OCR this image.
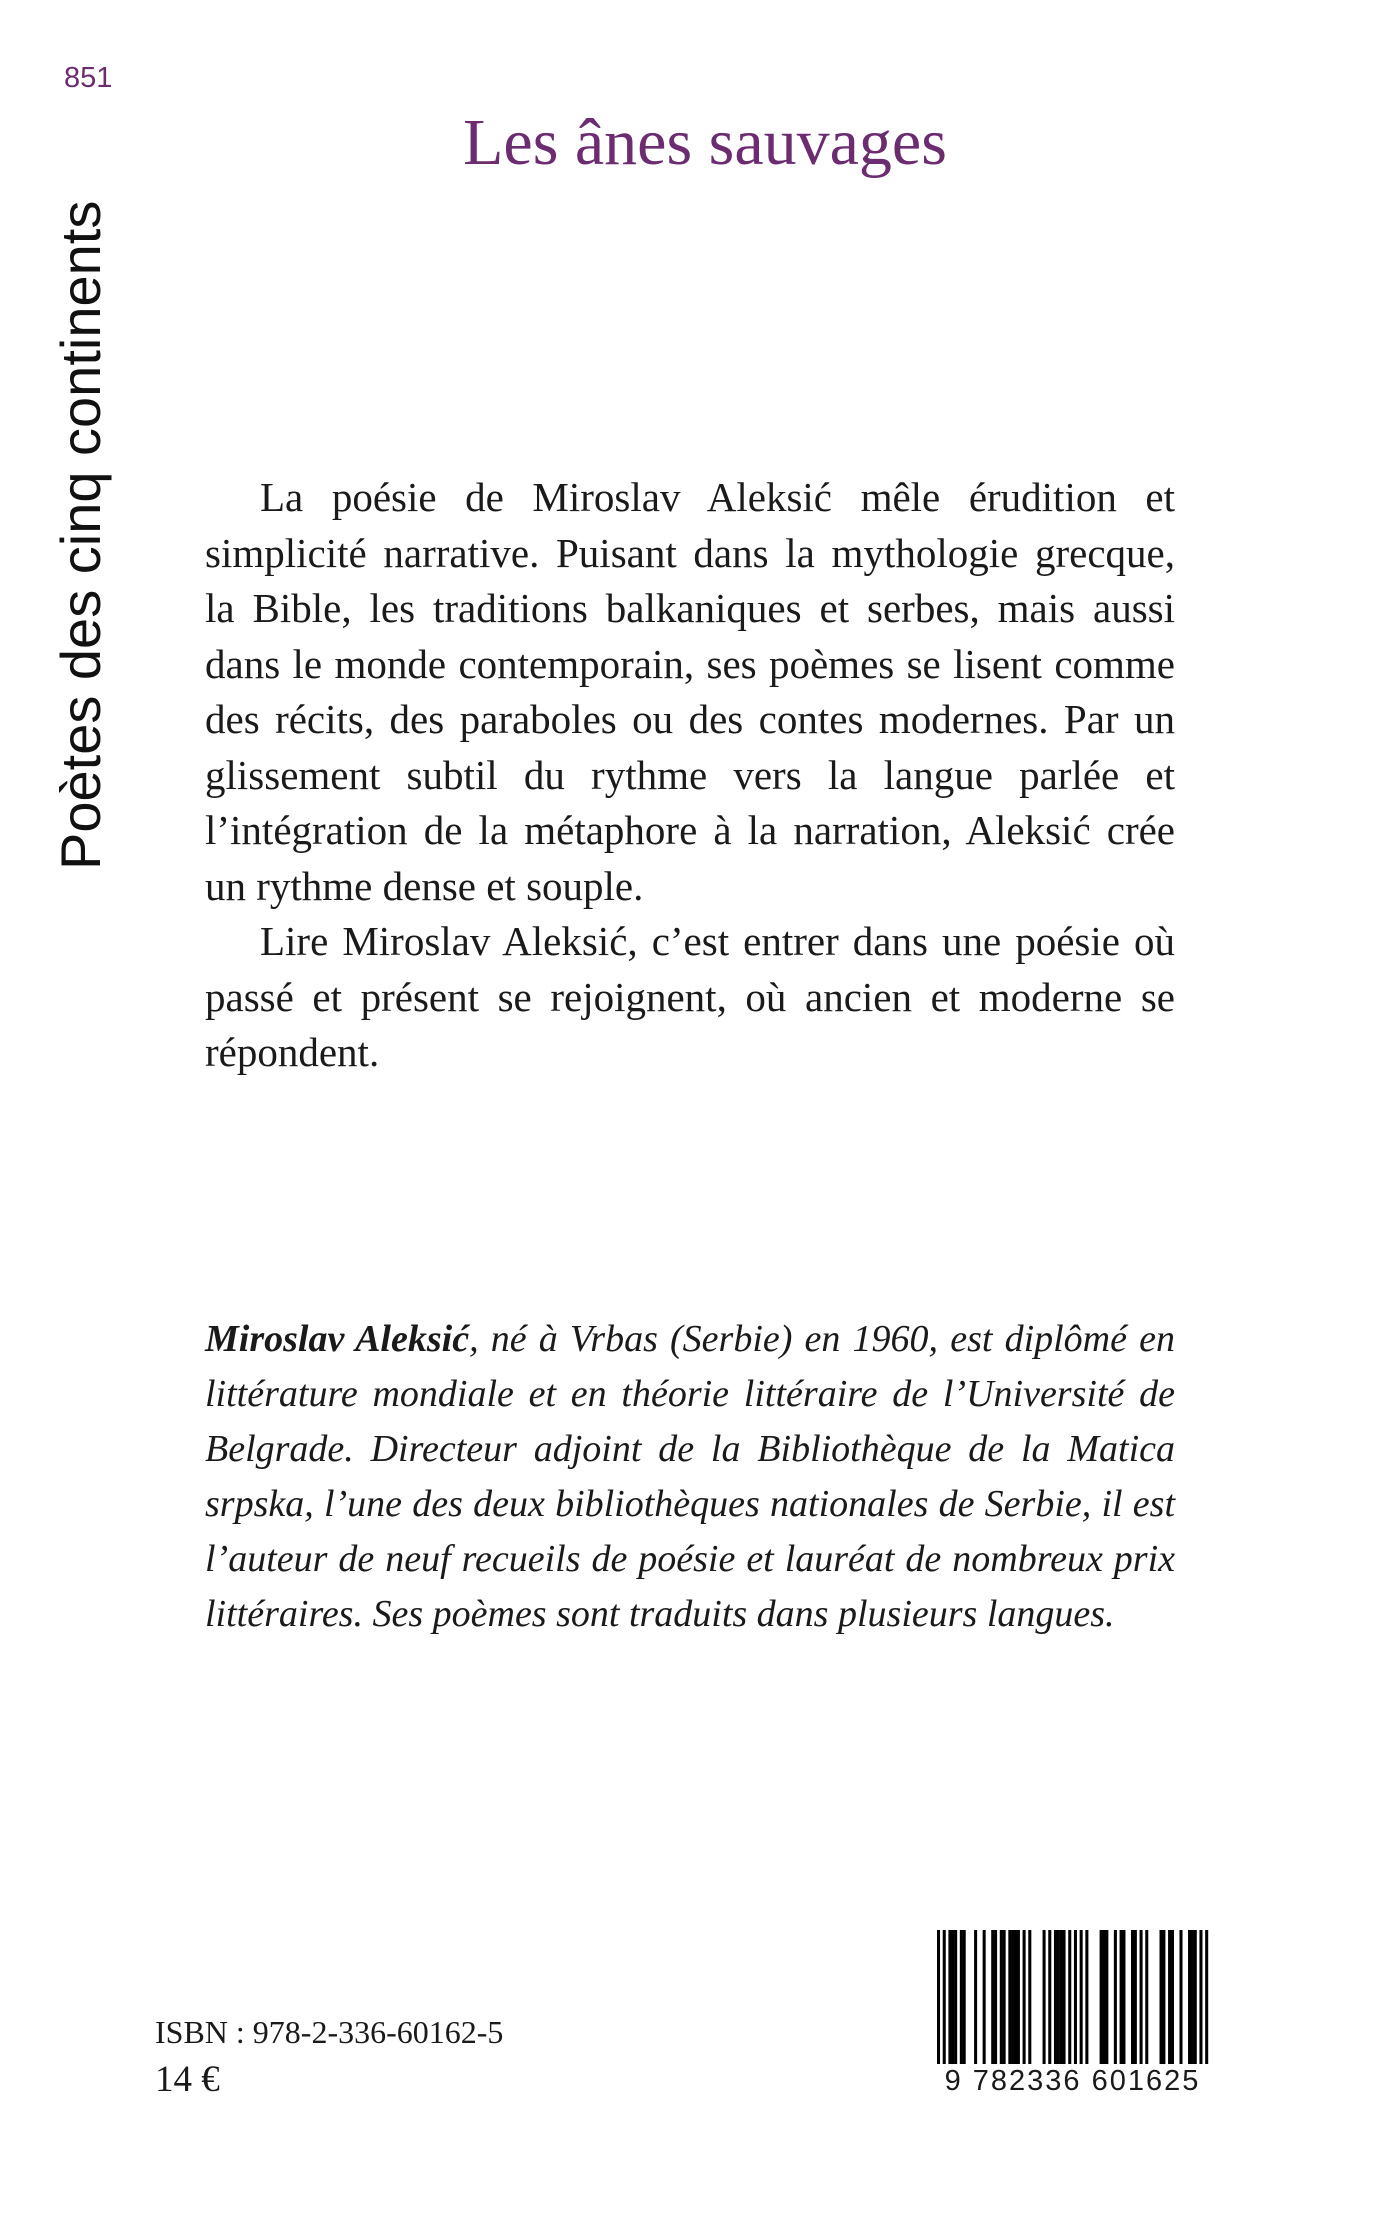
851
Poètes des cinq continents
Les ânes sauvages

La poésie de Miroslav Aleksić mêle érudition et simplicité narrative. Puisant dans la mythologie grecque, la Bible, les traditions balkaniques et serbes, mais aussi dans le monde contemporain, ses poèmes se lisent comme des récits, des paraboles ou des contes modernes. Par un glissement subtil du rythme vers la langue parlée et l’intégration de la métaphore à la narration, Aleksić crée un rythme dense et souple.

Lire Miroslav Aleksić, c’est entrer dans une poésie où passé et présent se rejoignent, où ancien et moderne se répondent.

Miroslav Aleksić, né à Vrbas (Serbie) en 1960, est diplômé en littérature mondiale et en théorie littéraire de l’Université de Belgrade. Directeur adjoint de la Bibliothèque de la Matica srpska, l’une des deux bibliothèques nationales de Serbie, il est l’auteur de neuf recueils de poésie et lauréat de nombreux prix littéraires. Ses poèmes sont traduits dans plusieurs langues.

ISBN : 978-2-336-60162-5
14 €	9 782336 601625
